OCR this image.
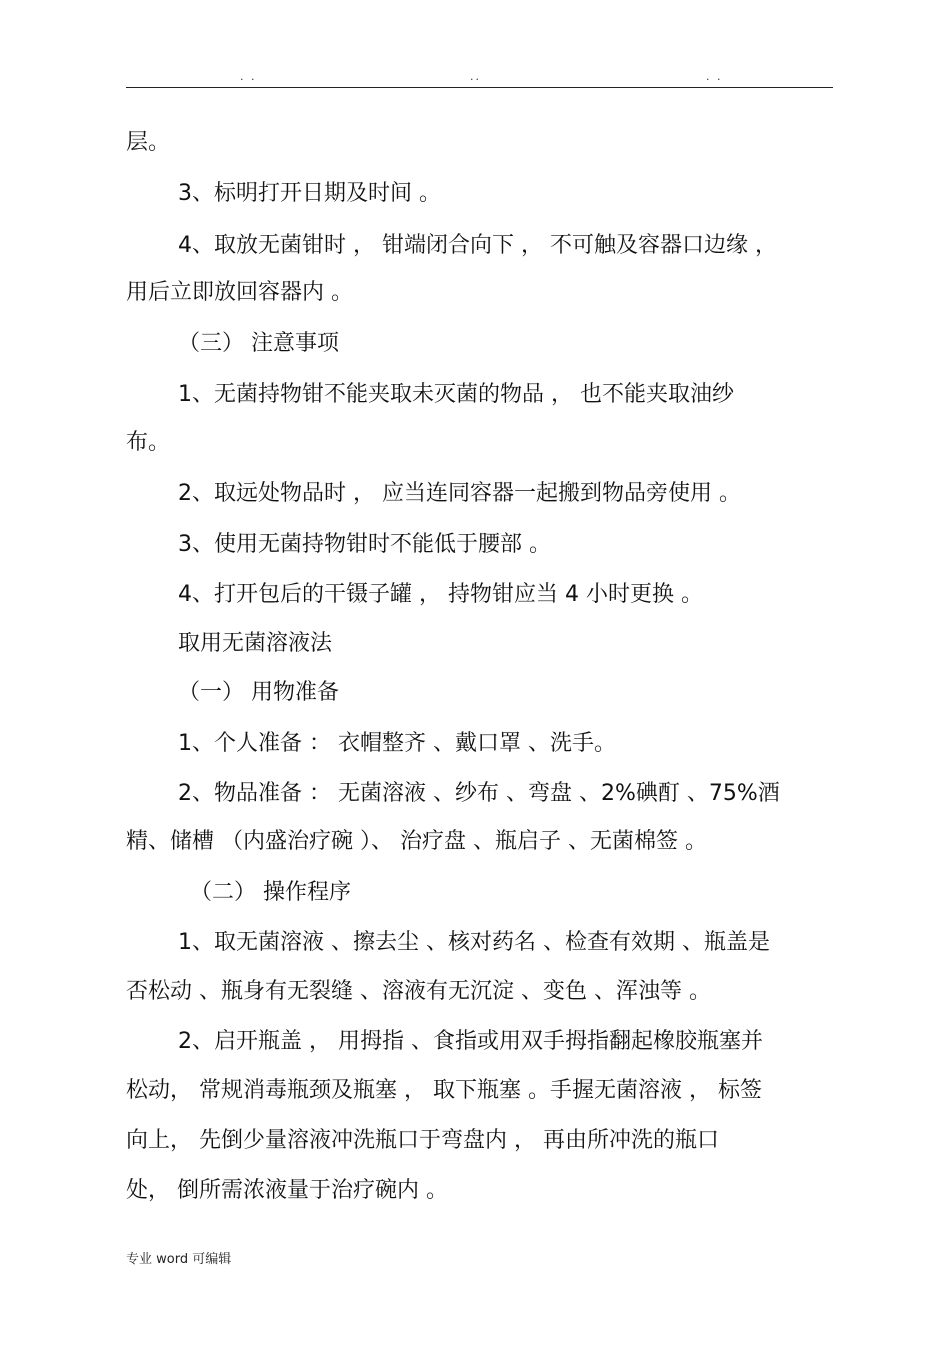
. .	..	. .
层。
3、标明打开日期及时间 。
4、取放无菌钳时 ， 钳端闭合向下 ， 不可触及容器口边缘 ，
用后立即放回容器内 。
（三） 注意事项
1、无菌持物钳不能夹取未灭菌的物品 ， 也不能夹取油纱
布。
2、取远处物品时 ， 应当连同容器一起搬到物品旁使用 。
3、使用无菌持物钳时不能低于腰部 。
4、打开包后的干镊子罐 ， 持物钳应当 4 小时更换 。
取用无菌溶液法
（一） 用物准备
1、个人准备 ： 衣帽整齐 、戴口罩 、洗手。
2、物品准备 ： 无菌溶液 、纱布 、弯盘 、2%碘酊 、75%酒
精、储槽 （内盛治疗碗 ）、 治疗盘 、瓶启子 、无菌棉签 。
（二） 操作程序
1、取无菌溶液 、擦去尘 、核对药名 、检查有效期 、瓶盖是
否松动 、瓶身有无裂缝 、溶液有无沉淀 、变色 、浑浊等 。
2、启开瓶盖 ， 用拇指 、食指或用双手拇指翻起橡胶瓶塞并
松动， 常规消毒瓶颈及瓶塞 ， 取下瓶塞 。手握无菌溶液 ， 标签
向上， 先倒少量溶液冲洗瓶口于弯盘内 ， 再由所冲洗的瓶口
处， 倒所需浓液量于治疗碗内 。
专业 word 可编辑
